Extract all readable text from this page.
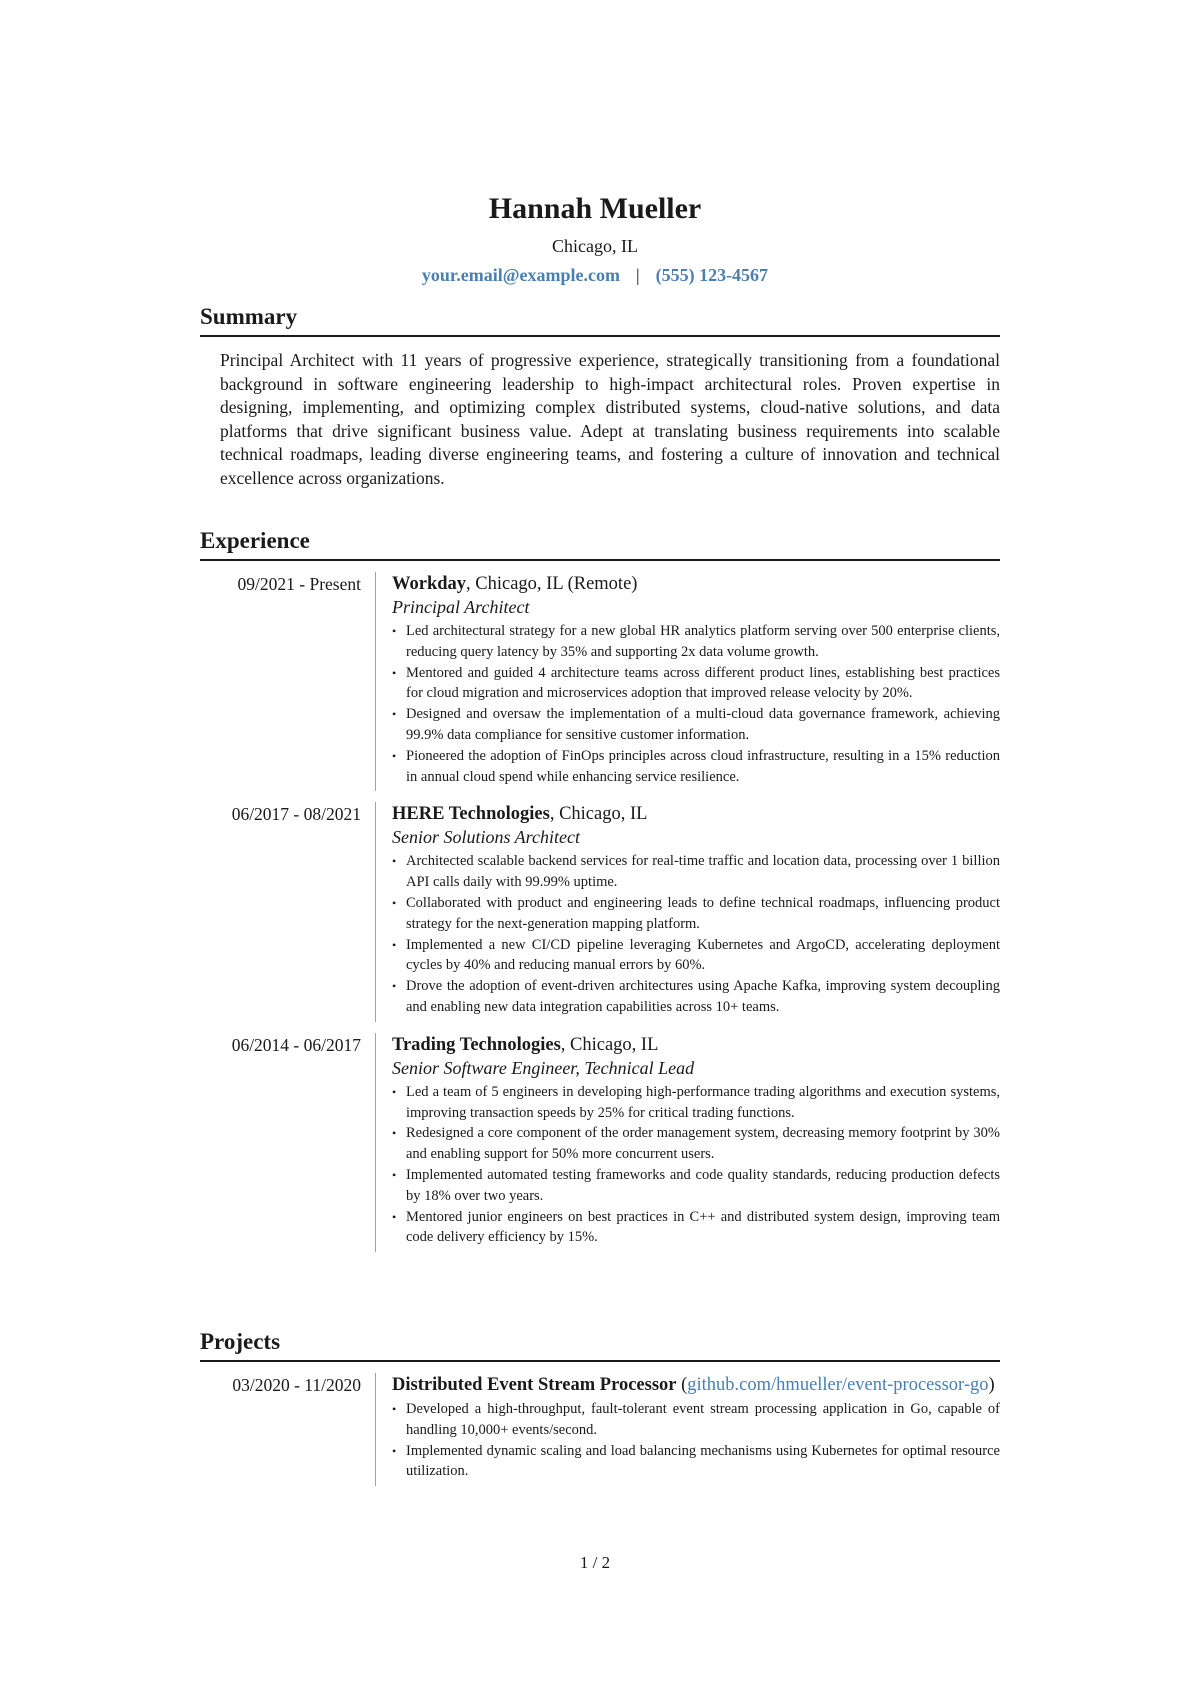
Hannah Mueller
Chicago, IL
your.email@example.com | (555) 123-4567
Summary

Principal Architect with 11 years of progressive experience, strategically transitioning from a foundational background in software engineering leadership to high-impact architectural roles. Proven expertise in designing, implementing, and optimizing complex distributed systems, cloud-native solutions, and data platforms that drive significant business value. Adept at translating business requirements into scalable technical roadmaps, leading diverse engineering teams, and fostering a culture of innovation and technical excellence across organizations.

Experience
09/2021 - Present	Workday, Chicago, IL (Remote)
Principal Architect
• Led architectural strategy for a new global HR analytics platform serving over 500 enterprise clients, reducing query latency by 35% and supporting 2x data volume growth.
• Mentored and guided 4 architecture teams across different product lines, establishing best practices for cloud migration and microservices adoption that improved release velocity by 20%.
• Designed and oversaw the implementation of a multi-cloud data governance framework, achieving 99.9% data compliance for sensitive customer information.
• Pioneered the adoption of FinOps principles across cloud infrastructure, resulting in a 15% reduction in annual cloud spend while enhancing service resilience.
06/2017 - 08/2021	HERE Technologies, Chicago, IL
Senior Solutions Architect
• Architected scalable backend services for real-time traffic and location data, processing over 1 billion API calls daily with 99.99% uptime.
• Collaborated with product and engineering leads to define technical roadmaps, influencing product strategy for the next-generation mapping platform.
• Implemented a new CI/CD pipeline leveraging Kubernetes and ArgoCD, accelerating deployment cycles by 40% and reducing manual errors by 60%.
• Drove the adoption of event-driven architectures using Apache Kafka, improving system decoupling and enabling new data integration capabilities across 10+ teams.
06/2014 - 06/2017	Trading Technologies, Chicago, IL
Senior Software Engineer, Technical Lead
• Led a team of 5 engineers in developing high-performance trading algorithms and execution systems, improving transaction speeds by 25% for critical trading functions.
• Redesigned a core component of the order management system, decreasing memory footprint by 30% and enabling support for 50% more concurrent users.
• Implemented automated testing frameworks and code quality standards, reducing production defects by 18% over two years.
• Mentored junior engineers on best practices in C++ and distributed system design, improving team code delivery efficiency by 15%.
Projects
03/2020 - 11/2020	Distributed Event Stream Processor (github.com/hmueller/event-processor-go)
• Developed a high-throughput, fault-tolerant event stream processing application in Go, capable of handling 10,000+ events/second.
• Implemented dynamic scaling and load balancing mechanisms using Kubernetes for optimal resource utilization.
1 / 2
